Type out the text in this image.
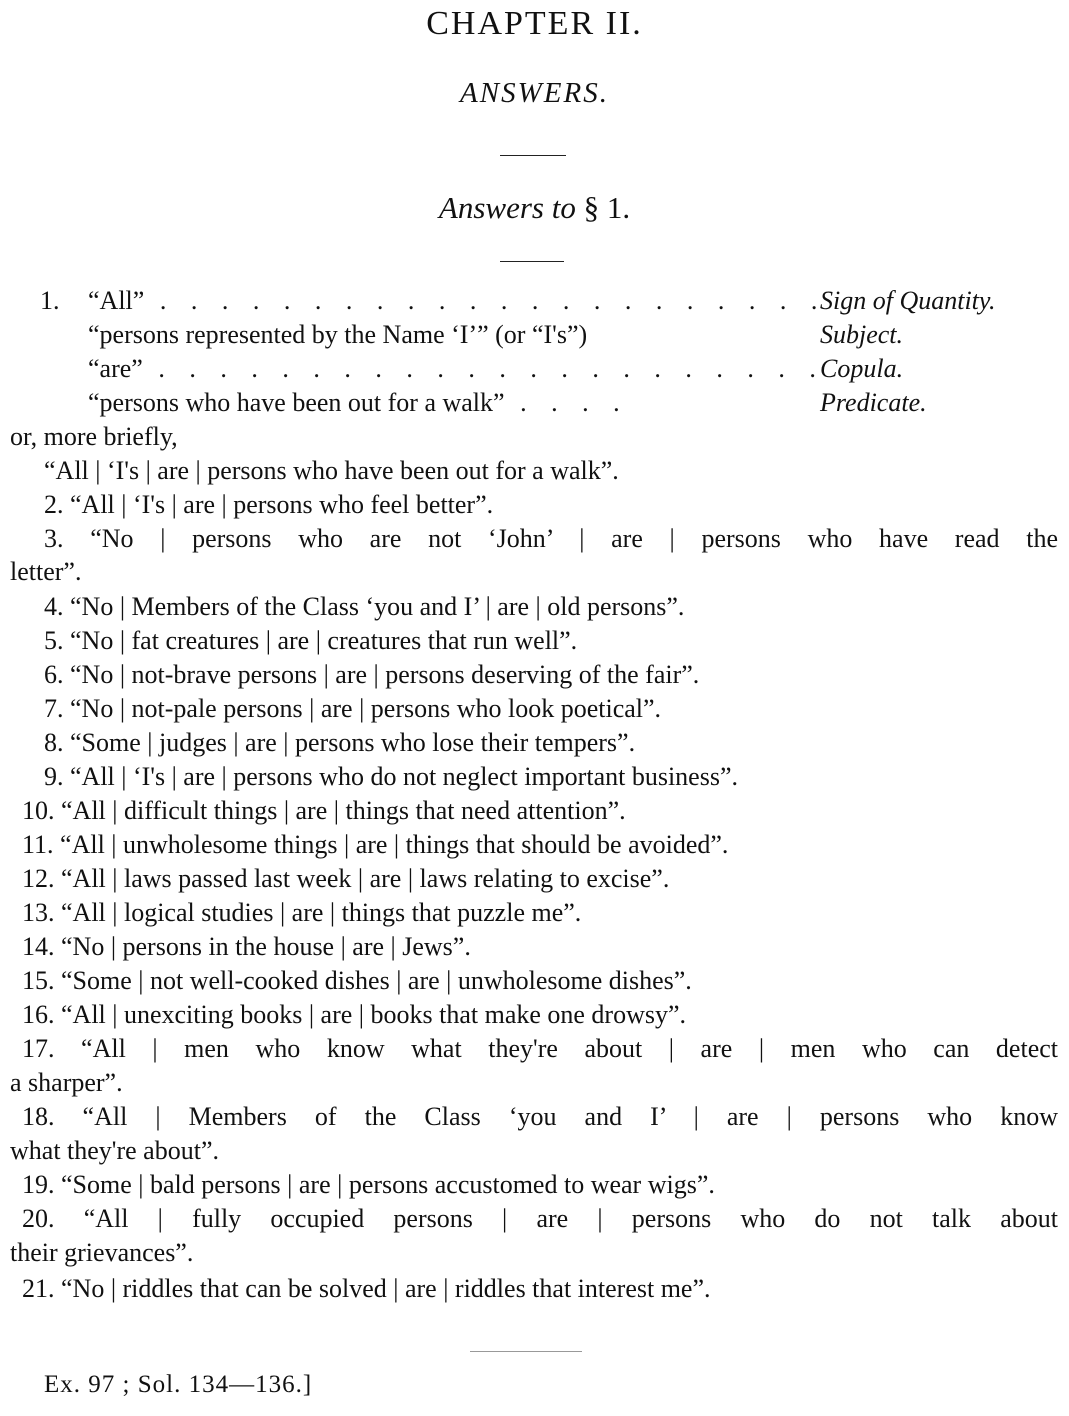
CHAPTER II.
ANSWERS.
Answers to § 1.
1. “All” . . . . . . . . . . . . . . . . . . . . . .
Sign of Quantity.
“persons represented by the Name ‘I’” (or “I's”)	Subject.
“are” . . . . . . . . . . . . . . . . . . . . . .
Copula.
“persons who have been out for a walk” . . . .	Predicate.
or, more briefly,
“All | ‘I's | are | persons who have been out for a walk”.
2. “All | ‘I's | are | persons who feel better”.
3. “No | persons who are not ‘John’ | are | persons who have read the
letter”.
4. “No | Members of the Class ‘you and I’ | are | old persons”.
5. “No | fat creatures | are | creatures that run well”.
6. “No | not-brave persons | are | persons deserving of the fair”.
7. “No | not-pale persons | are | persons who look poetical”.
8. “Some | judges | are | persons who lose their tempers”.
9. “All | ‘I's | are | persons who do not neglect important business”.
10. “All | difficult things | are | things that need attention”.
11. “All | unwholesome things | are | things that should be avoided”.
12. “All | laws passed last week | are | laws relating to excise”.
13. “All | logical studies | are | things that puzzle me”.
14. “No | persons in the house | are | Jews”.
15. “Some | not well-cooked dishes | are | unwholesome dishes”.
16. “All | unexciting books | are | books that make one drowsy”.
17. “All | men who know what they're about | are | men who can detect
a sharper”.
18. “All | Members of the Class ‘you and I’ | are | persons who know
what they're about”.
19. “Some | bald persons | are | persons accustomed to wear wigs”.
20. “All | fully occupied persons | are | persons who do not talk about
their grievances”.
21. “No | riddles that can be solved | are | riddles that interest me”.
Ex. 97 ; Sol. 134—136.]
